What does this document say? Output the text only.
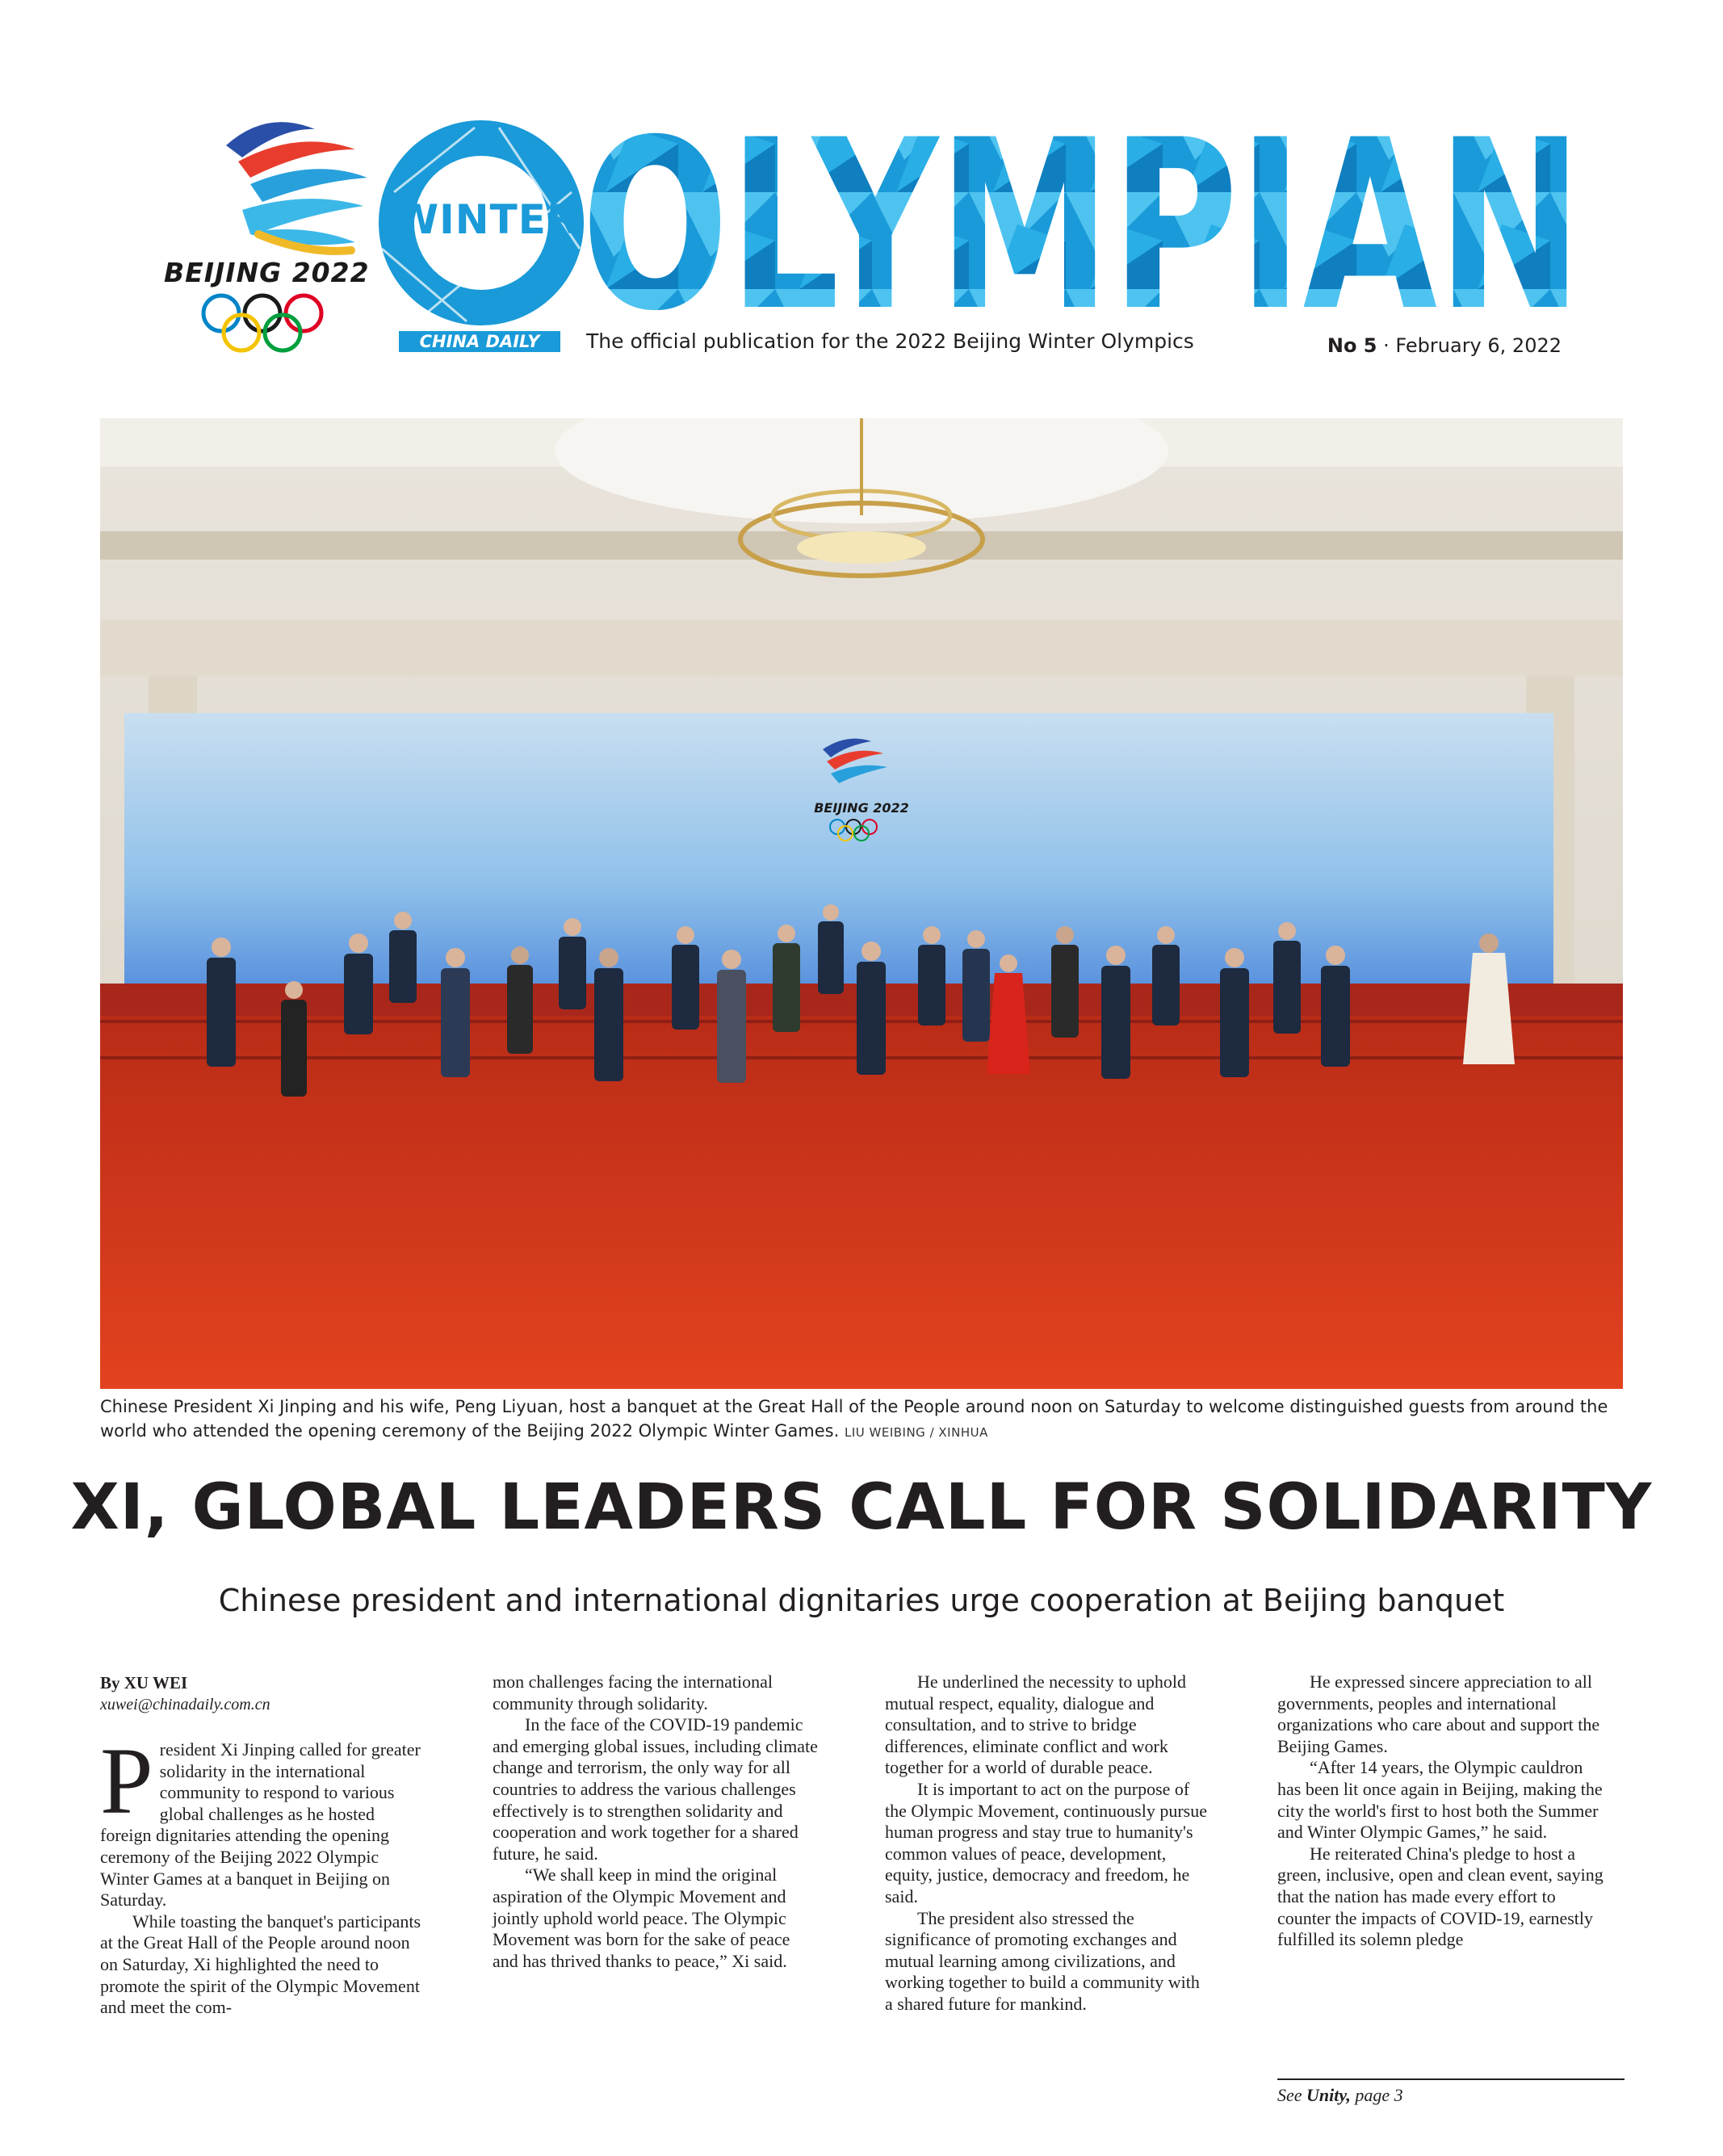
BEIJING 2022
WINTER OLYMPIAN
CHINA DAILY	The official publication for the 2022 Beijing Winter Olympics	No 5 · February 6, 2022
BEIJING 2022
Chinese President Xi Jinping and his wife, Peng Liyuan, host a banquet at the Great Hall of the People around noon on Saturday to welcome distinguished guests from around the world who attended the opening ceremony of the Beijing 2022 Olympic Winter Games. LIU WEIBING / XINHUA
XI, GLOBAL LEADERS CALL FOR SOLIDARITY
Chinese president and international dignitaries urge cooperation at Beijing banquet

By XU WEI

xuwei@chinadaily.com.cn

President Xi Jinping called for greater solidarity in the international community to respond to various global challenges as he hosted foreign dignitaries attending the opening ceremony of the Beijing 2022 Olympic Winter Games at a banquet in Beijing on Saturday.

While toasting the banquet's participants at the Great Hall of the People around noon on Saturday, Xi highlighted the need to promote the spirit of the Olympic Movement and meet the com-

mon challenges facing the international community through solidarity.

In the face of the COVID-19 pandemic and emerging global issues, including climate change and terrorism, the only way for all countries to address the various challenges effectively is to strengthen solidarity and cooperation and work together for a shared future, he said.

“We shall keep in mind the original aspiration of the Olympic Movement and jointly uphold world peace. The Olympic Movement was born for the sake of peace and has thrived thanks to peace,” Xi said.

He underlined the necessity to uphold mutual respect, equality, dialogue and consultation, and to strive to bridge differences, eliminate conflict and work together for a world of durable peace.

It is important to act on the purpose of the Olympic Movement, continuously pursue human progress and stay true to humanity's common values of peace, development, equity, justice, democracy and freedom, he said.

The president also stressed the significance of promoting exchanges and mutual learning among civilizations, and working together to build a community with a shared future for mankind.

He expressed sincere appreciation to all governments, peoples and international organizations who care about and support the Beijing Games.

“After 14 years, the Olympic cauldron has been lit once again in Beijing, making the city the world's first to host both the Summer and Winter Olympic Games,” he said.

He reiterated China's pledge to host a green, inclusive, open and clean event, saying that the nation has made every effort to counter the impacts of COVID-19, earnestly fulfilled its solemn pledge

See Unity, page 3
